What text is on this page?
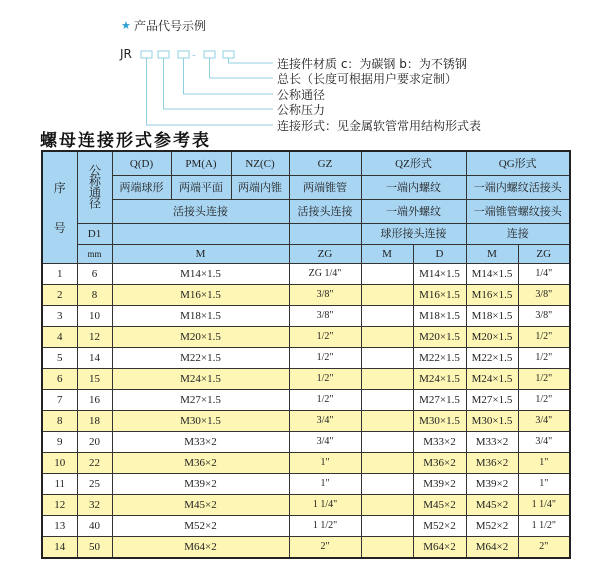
★
-
产品代号示例
JR
连接件材质 c：为碳钢 b：为不锈钢
总长（长度可根据用户要求定制）
公称通径
公称压力
连接形式：见金属软管常用结构形式表
螺母连接形式参考表
序号	公称通径	Q(D)	PM(A)	NZ(C)	GZ	QZ形式		QG形式	
		两端球形	两端平面	两端内锥	两端锥管	一端内螺纹		一端内螺纹活接头	
		活接头连接			活接头连接	一端外螺纹		一端锥管螺纹接头	
	D1					球形接头连接		连接	
	mm	M			ZG	M	D	M	ZG
1	6	M14×1.5			ZG 1/4"		M14×1.5	M14×1.5	1/4"
2	8	M16×1.5			3/8"		M16×1.5	M16×1.5	3/8"
3	10	M18×1.5			3/8"		M18×1.5	M18×1.5	3/8"
4	12	M20×1.5			1/2"		M20×1.5	M20×1.5	1/2"
5	14	M22×1.5			1/2"		M22×1.5	M22×1.5	1/2"
6	15	M24×1.5			1/2"		M24×1.5	M24×1.5	1/2"
7	16	M27×1.5			1/2"		M27×1.5	M27×1.5	1/2"
8	18	M30×1.5			3/4"		M30×1.5	M30×1.5	3/4"
9	20	M33×2			3/4"		M33×2	M33×2	3/4"
10	22	M36×2			1"		M36×2	M36×2	1"
11	25	M39×2			1"		M39×2	M39×2	1"
12	32	M45×2			1 1/4"		M45×2	M45×2	1 1/4"
13	40	M52×2			1 1/2"		M52×2	M52×2	1 1/2"
14	50	M64×2			2"		M64×2	M64×2	2"
